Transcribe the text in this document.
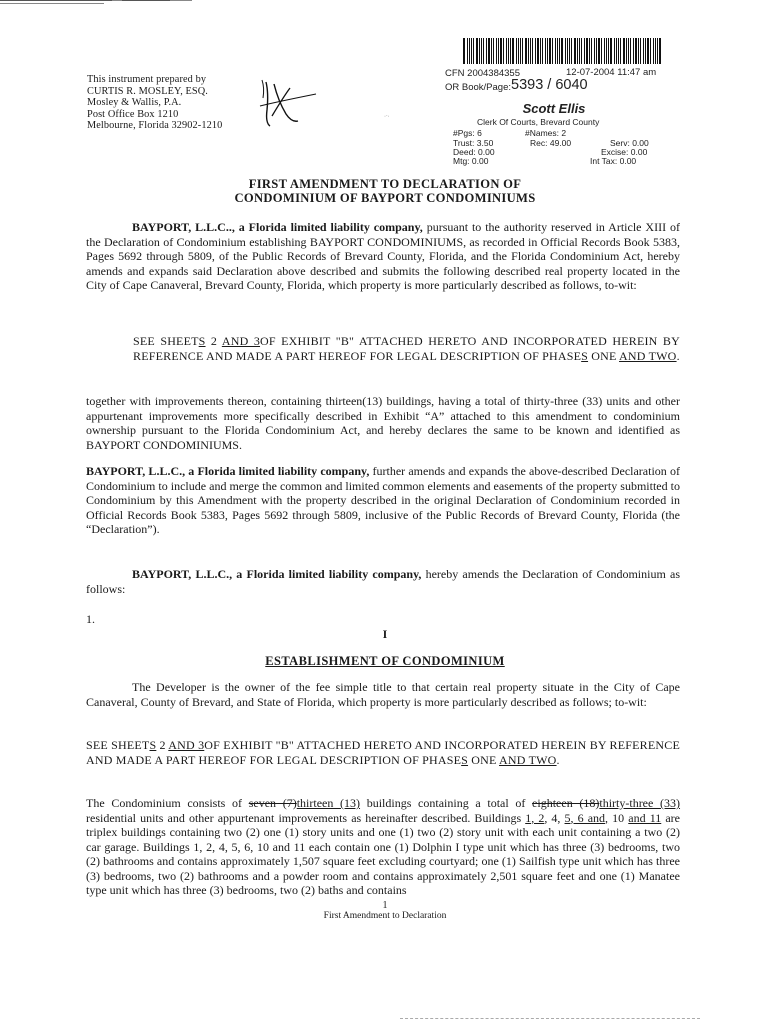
This instrument prepared by
CURTIS R. MOSLEY, ESQ.
Mosley & Wallis, P.A.
Post Office Box 1210
Melbourne, Florida 32902-1210
·ˑ·
CFN 2004384355	12-07-2004 11:47 am
OR Book/Page: 5393 / 6040
Scott Ellis
Clerk Of Courts, Brevard County
#Pgs: 6	#Names: 2
Trust: 3.50	Rec: 49.00	Serv: 0.00
Deed: 0.00	Excise: 0.00
Mtg: 0.00	Int Tax: 0.00
FIRST AMENDMENT TO DECLARATION OF
CONDOMINIUM OF BAYPORT CONDOMINIUMS
BAYPORT, L.L.C.., a Florida limited liability company, pursuant to the authority reserved in Article XIII of the Declaration of Condominium establishing BAYPORT CONDOMINIUMS, as recorded in Official Records Book 5383, Pages 5692 through 5809, of the Public Records of Brevard County, Florida, and the Florida Condominium Act, hereby amends and expands said Declaration above described and submits the following described real property located in the City of Cape Canaveral, Brevard County, Florida, which property is more particularly described as follows, to-wit:
SEE SHEETS 2 AND 3OF EXHIBIT "B" ATTACHED HERETO AND INCORPORATED HEREIN BY REFERENCE AND MADE A PART HEREOF FOR LEGAL DESCRIPTION OF PHASES ONE AND TWO.
together with improvements thereon, containing thirteen(13) buildings, having a total of thirty-three (33) units and other appurtenant improvements more specifically described in Exhibit “A” attached to this amendment to condominium ownership pursuant to the Florida Condominium Act, and hereby declares the same to be known and identified as BAYPORT CONDOMINIUMS.
BAYPORT, L.L.C., a Florida limited liability company, further amends and expands the above-described Declaration of Condominium to include and merge the common and limited common elements and easements of the property submitted to Condominium by this Amendment with the property described in the original Declaration of Condominium recorded in Official Records Book 5383, Pages 5692 through 5809, inclusive of the Public Records of Brevard County, Florida (the “Declaration”).
BAYPORT, L.L.C., a Florida limited liability company, hereby amends the Declaration of Condominium as follows:
1.
I
ESTABLISHMENT OF CONDOMINIUM
The Developer is the owner of the fee simple title to that certain real property situate in the City of Cape Canaveral, County of Brevard, and State of Florida, which property is more particularly described as follows; to-wit:
SEE SHEETS 2 AND 3OF EXHIBIT "B" ATTACHED HERETO AND INCORPORATED HEREIN BY REFERENCE AND MADE A PART HEREOF FOR LEGAL DESCRIPTION OF PHASES ONE AND TWO.
The Condominium consists of seven (7)thirteen (13) buildings containing a total of eighteen (18)thirty-three (33) residential units and other appurtenant improvements as hereinafter described. Buildings 1, 2, 4, 5, 6 and, 10 and 11 are triplex buildings containing two (2) one (1) story units and one (1) two (2) story unit with each unit containing a two (2) car garage. Buildings 1, 2, 4, 5, 6, 10 and 11 each contain one (1) Dolphin I type unit which has three (3) bedrooms, two (2) bathrooms and contains approximately 1,507 square feet excluding courtyard; one (1) Sailfish type unit which has three (3) bedrooms, two (2) bathrooms and a powder room and contains approximately 2,501 square feet and one (1) Manatee type unit which has three (3) bedrooms, two (2) baths and contains
1
First Amendment to Declaration
